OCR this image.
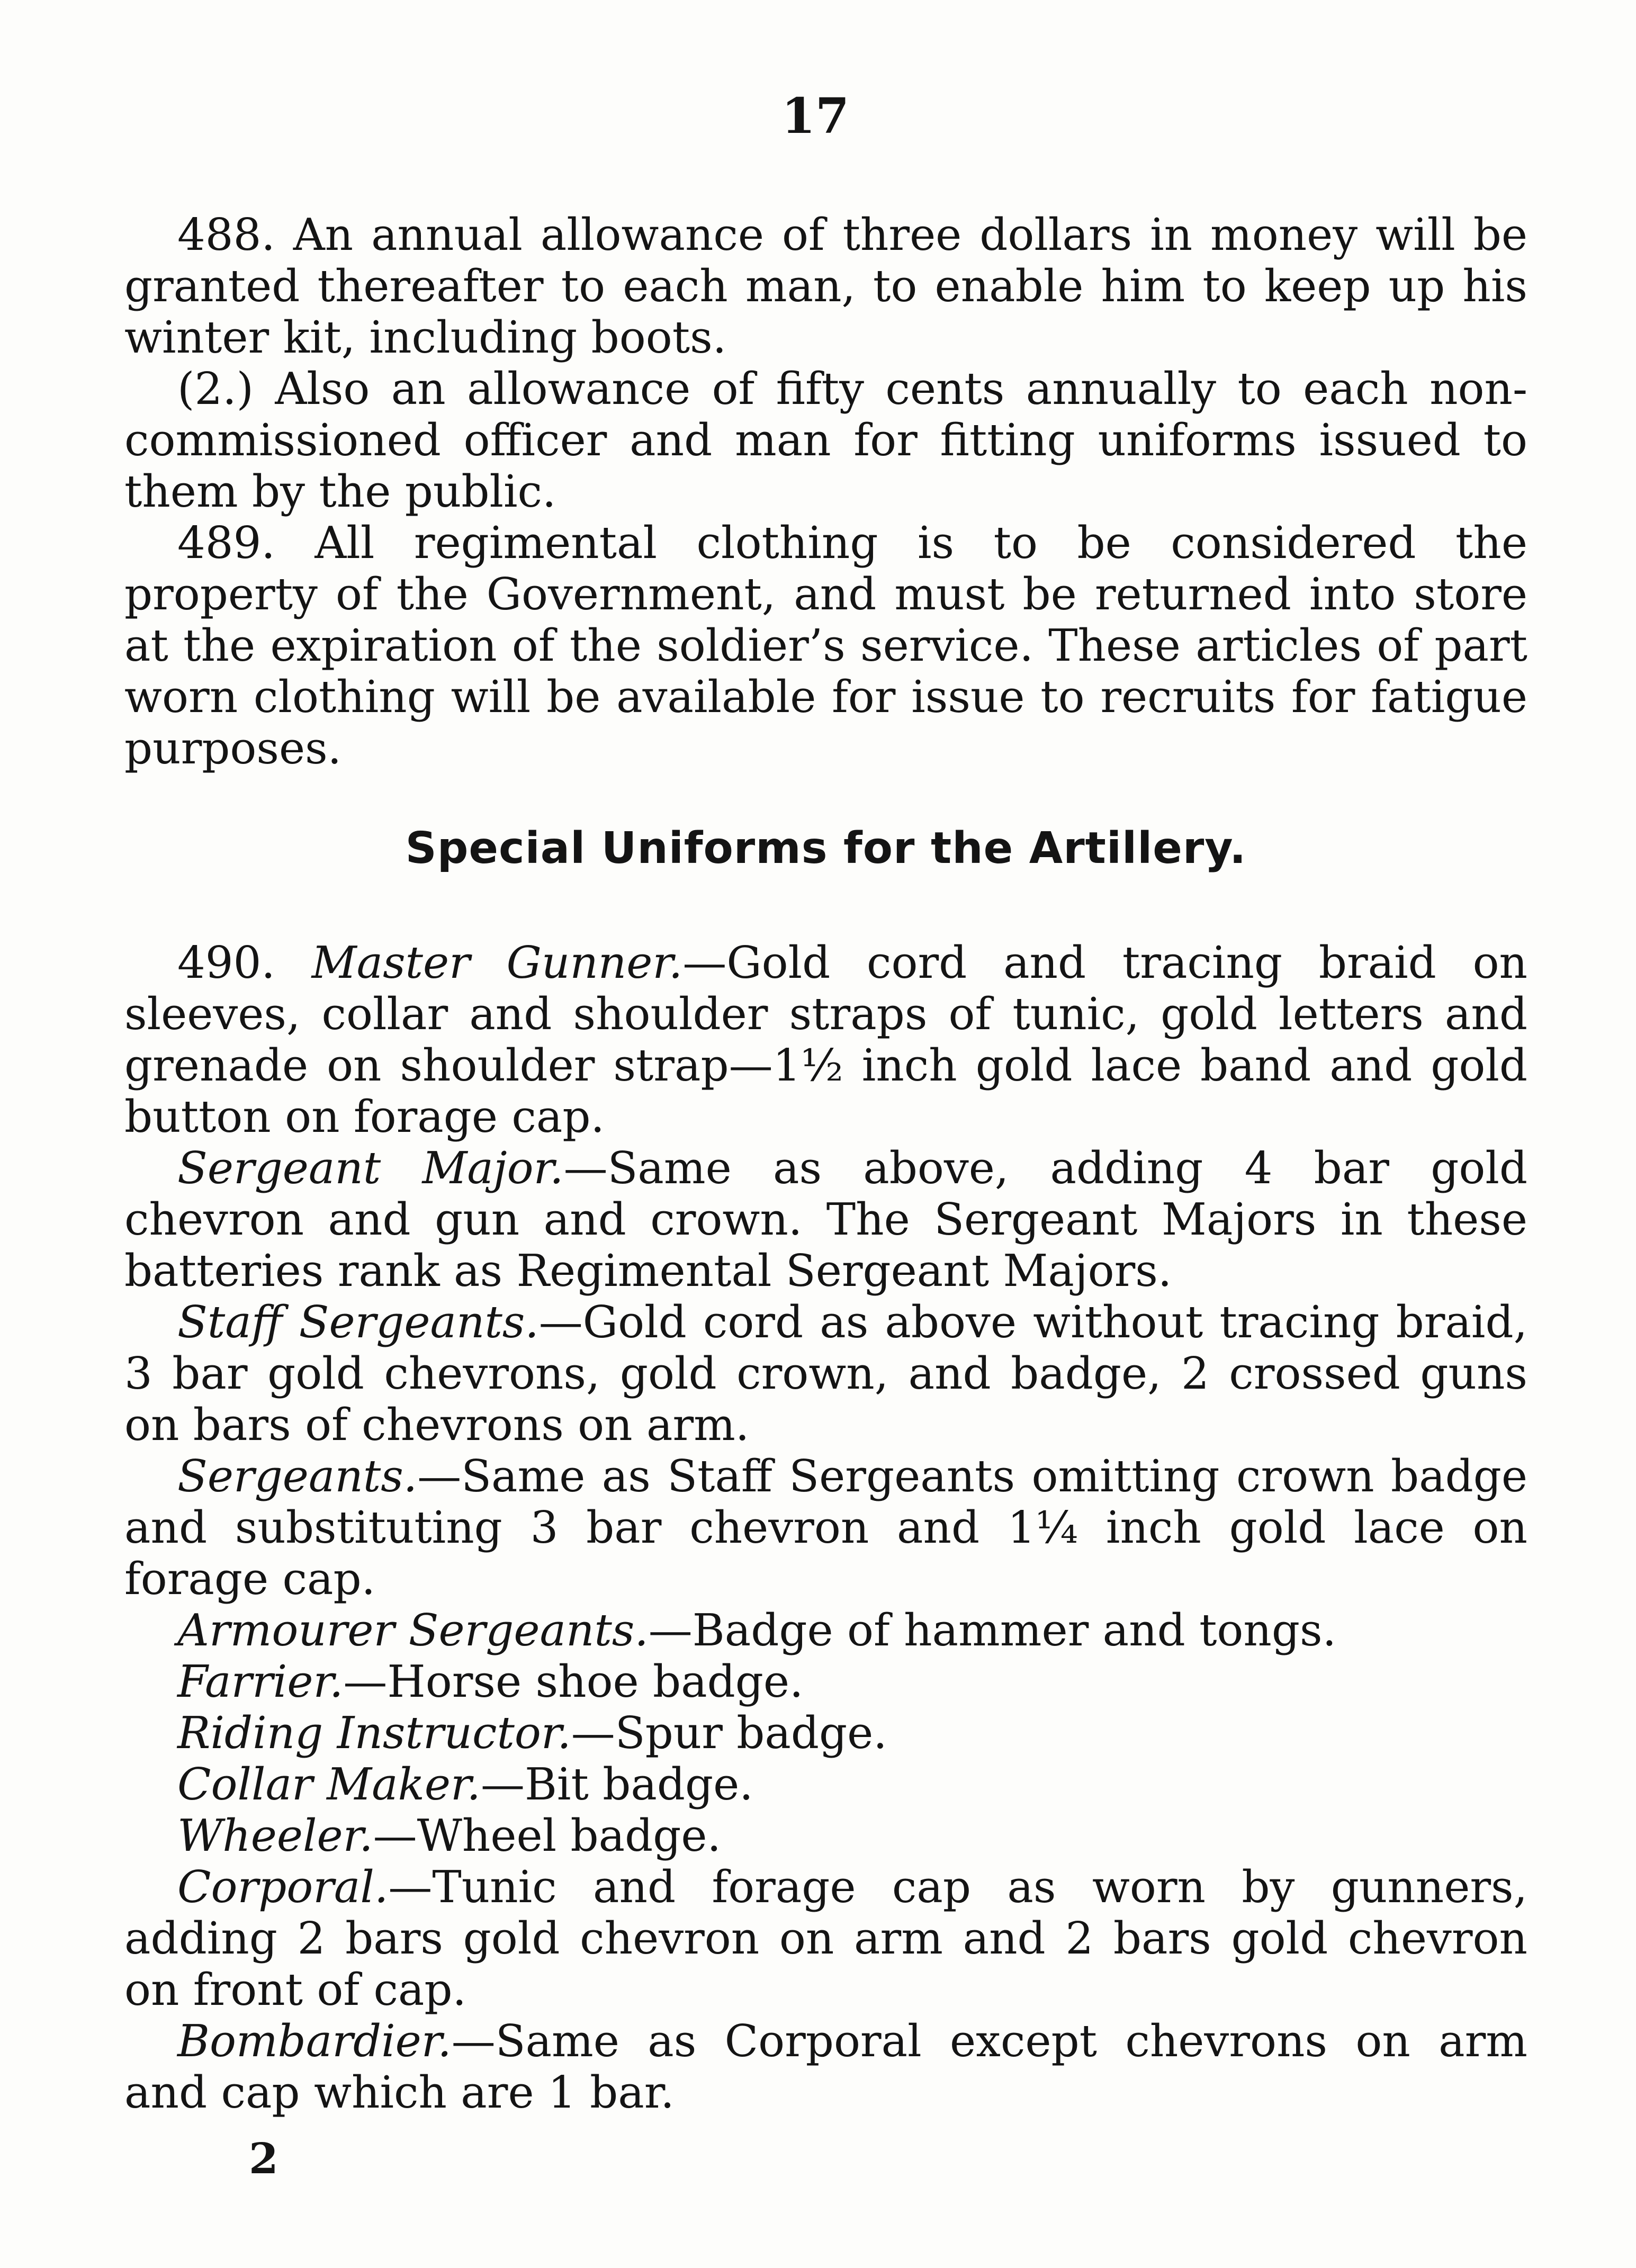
17

488. An annual allowance of three dollars in money will be granted thereafter to each man, to enable him to keep up his winter kit, including boots.

(2.) Also an allowance of fifty cents annually to each non-commissioned officer and man for fitting uniforms issued to them by the public.

489. All regimental clothing is to be considered the property of the Government, and must be returned into store at the expiration of the soldier’s service. These articles of part worn clothing will be available for issue to recruits for fatigue purposes.

Special Uniforms for the Artillery.

490. Master Gunner.—Gold cord and tracing braid on sleeves, collar and shoulder straps of tunic, gold letters and grenade on shoulder strap—1½ inch gold lace band and gold button on forage cap.

Sergeant Major.—Same as above, adding 4 bar gold chevron and gun and crown. The Sergeant Majors in these batteries rank as Regimental Sergeant Majors.

Staff Sergeants.—Gold cord as above without tracing braid, 3 bar gold chevrons, gold crown, and badge, 2 crossed guns on bars of chevrons on arm.

Sergeants.—Same as Staff Sergeants omitting crown badge and substituting 3 bar chevron and 1¼ inch gold lace on forage cap.

Armourer Sergeants.—Badge of hammer and tongs.

Farrier.—Horse shoe badge.

Riding Instructor.—Spur badge.

Collar Maker.—Bit badge.

Wheeler.—Wheel badge.

Corporal.—Tunic and forage cap as worn by gunners, adding 2 bars gold chevron on arm and 2 bars gold chevron on front of cap.

Bombardier.—Same as Corporal except chevrons on arm and cap which are 1 bar.

2
